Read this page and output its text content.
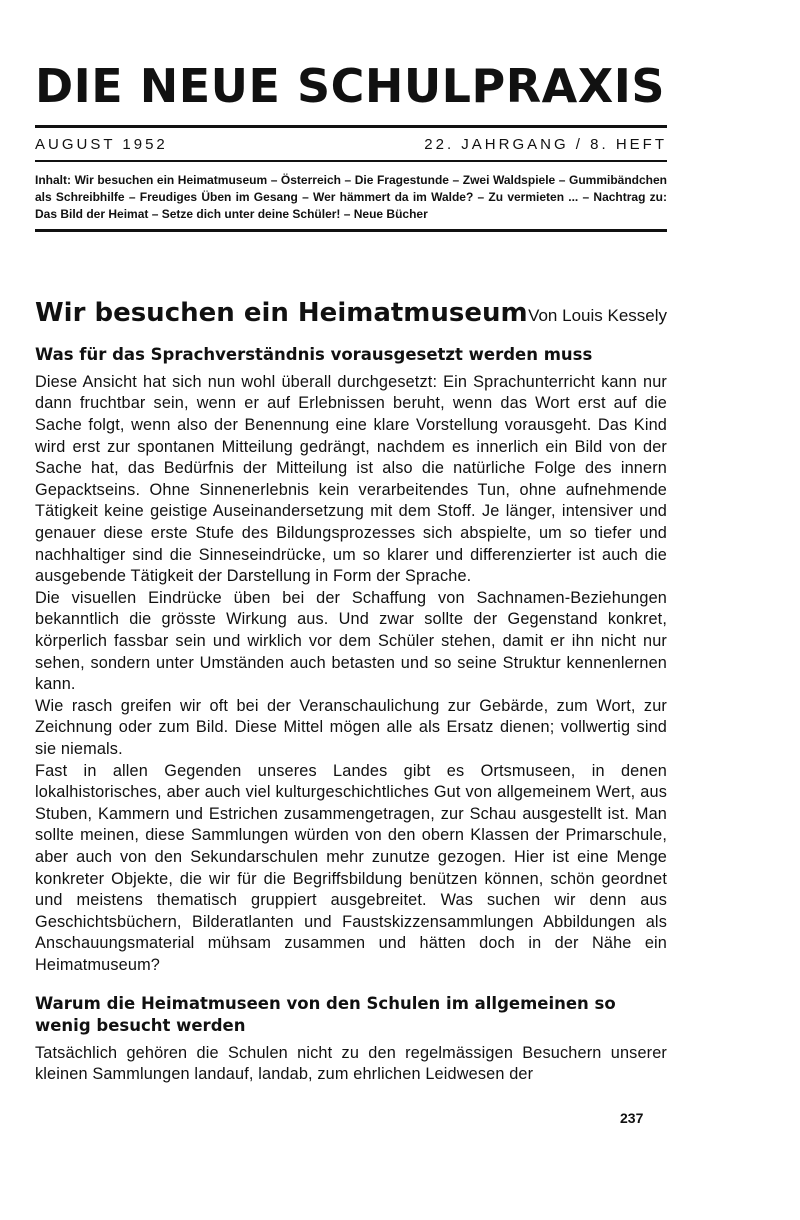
DIE NEUE SCHULPRAXIS
AUGUST 1952	22. JAHRGANG / 8. HEFT
Inhalt: Wir besuchen ein Heimatmuseum – Österreich – Die Fragestunde – Zwei Waldspiele – Gummibändchen als Schreibhilfe – Freudiges Üben im Gesang – Wer hämmert da im Walde? – Zu vermieten ... – Nachtrag zu: Das Bild der Heimat – Setze dich unter deine Schüler! – Neue Bücher
Wir besuchen ein Heimatmuseum Von Louis Kessely
Was für das Sprachverständnis vorausgesetzt werden muss

Diese Ansicht hat sich nun wohl überall durchgesetzt: Ein Sprachunterricht kann nur dann fruchtbar sein, wenn er auf Erlebnissen beruht, wenn das Wort erst auf die Sache folgt, wenn also der Benennung eine klare Vorstellung vorausgeht. Das Kind wird erst zur spontanen Mitteilung gedrängt, nachdem es innerlich ein Bild von der Sache hat, das Bedürfnis der Mitteilung ist also die natürliche Folge des innern Gepacktseins. Ohne Sinnenerlebnis kein verarbeitendes Tun, ohne aufnehmende Tätigkeit keine geistige Auseinandersetzung mit dem Stoff. Je länger, intensiver und genauer diese erste Stufe des Bildungsprozesses sich abspielte, um so tiefer und nachhaltiger sind die Sinneseindrücke, um so klarer und differenzierter ist auch die ausgebende Tätigkeit der Darstellung in Form der Sprache.

Die visuellen Eindrücke üben bei der Schaffung von Sachnamen-Beziehungen bekanntlich die grösste Wirkung aus. Und zwar sollte der Gegenstand konkret, körperlich fassbar sein und wirklich vor dem Schüler stehen, damit er ihn nicht nur sehen, sondern unter Umständen auch betasten und so seine Struktur kennenlernen kann.

Wie rasch greifen wir oft bei der Veranschaulichung zur Gebärde, zum Wort, zur Zeichnung oder zum Bild. Diese Mittel mögen alle als Ersatz dienen; vollwertig sind sie niemals.

Fast in allen Gegenden unseres Landes gibt es Ortsmuseen, in denen lokalhistorisches, aber auch viel kulturgeschichtliches Gut von allgemeinem Wert, aus Stuben, Kammern und Estrichen zusammengetragen, zur Schau ausgestellt ist. Man sollte meinen, diese Sammlungen würden von den obern Klassen der Primarschule, aber auch von den Sekundarschulen mehr zunutze gezogen. Hier ist eine Menge konkreter Objekte, die wir für die Begriffsbildung benützen können, schön geordnet und meistens thematisch gruppiert ausgebreitet. Was suchen wir denn aus Geschichtsbüchern, Bilderatlanten und Faustskizzensammlungen Abbildungen als Anschauungsmaterial mühsam zusammen und hätten doch in der Nähe ein Heimatmuseum?

Warum die Heimatmuseen von den Schulen im allgemeinen so wenig besucht werden

Tatsächlich gehören die Schulen nicht zu den regelmässigen Besuchern unserer kleinen Sammlungen landauf, landab, zum ehrlichen Leidwesen der

237
